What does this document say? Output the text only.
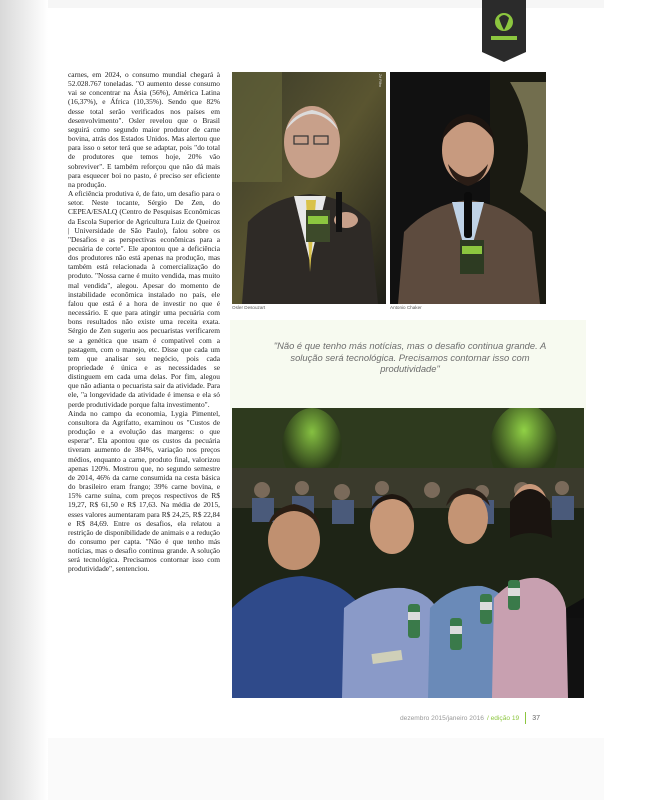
carnes, em 2024, o consumo mundial chegará à 52.028.767 toneladas. "O aumento desse consumo vai se concentrar na Ásia (56%), América Latina (16,37%), e África (10,35%). Sendo que 82% desse total serão verificados nos países em desenvolvimento". Osler revelou que o Brasil seguirá como segundo maior produtor de carne bovina, atrás dos Estados Unidos. Mas alertou que para isso o setor terá que se adaptar, pois "do total de produtores que temos hoje, 20% vão sobreviver". E também reforçou que não dá mais para esquecer boi no pasto, é preciso ser eficiente na produção.

A eficiência produtiva é, de fato, um desafio para o setor. Neste tocante, Sérgio De Zen, do CEPEA/ESALQ (Centro de Pesquisas Econômicas da Escola Superior de Agricultura Luiz de Queiroz | Universidade de São Paulo), falou sobre os "Desafios e as perspectivas econômicas para a pecuária de corte". Ele apontou que a deficiência dos produtores não está apenas na produção, mas também está relacionada à comercialização do produto. "Nossa carne é muito vendida, mas muito mal vendida", alegou. Apesar do momento de instabilidade econômica instalado no país, ele falou que está é a hora de investir no que é necessário. E que para atingir uma pecuária com bons resultados não existe uma receita exata. Sérgio de Zen sugeriu aos pecuaristas verificarem se a genética que usam é compatível com a pastagem, com o manejo, etc. Disse que cada um tem que analisar seu negócio, pois cada propriedade é única e as necessidades se distinguem em cada uma delas. Por fim, alegou que não adianta o pecuarista sair da atividade. Para ele, "a longevidade da atividade é imensa e ela só perde produtividade porque falta investimento".

Ainda no campo da economia, Lygia Pimentel, consultora da Agrifatto, examinou os "Custos de produção e a evolução das margens: o que esperar". Ela apontou que os custos da pecuária tiveram aumento de 384%, variação nos preços médios, enquanto a carne, produto final, valorizou apenas 120%. Mostrou que, no segundo semestre de 2014, 46% da carne consumida na cesta básica do brasileiro eram frango; 39% carne bovina, e 15% carne suína, com preços respectivos de R$ 19,27, R$ 61,50 e R$ 17,63. Na média de 2015, esses valores aumentaram para R$ 24,25, R$ 22,84 e R$ 84,69. Entre os desafios, ela relatou a restrição de disponibilidade de animais e a redução do consumo per capta. "Não é que tenho más notícias, mas o desafio continua grande. A solução será tecnológica. Precisamos contornar isso com produtividade", sentenciou.

Zé Filho
Osler Desouzart	Antonio Chaker
"Não é que tenho más notícias, mas o desafio continua grande. A solução será tecnológica. Precisamos contornar isso com produtividade"
dezembro 2015/janeiro 2016 / edição 19 37
